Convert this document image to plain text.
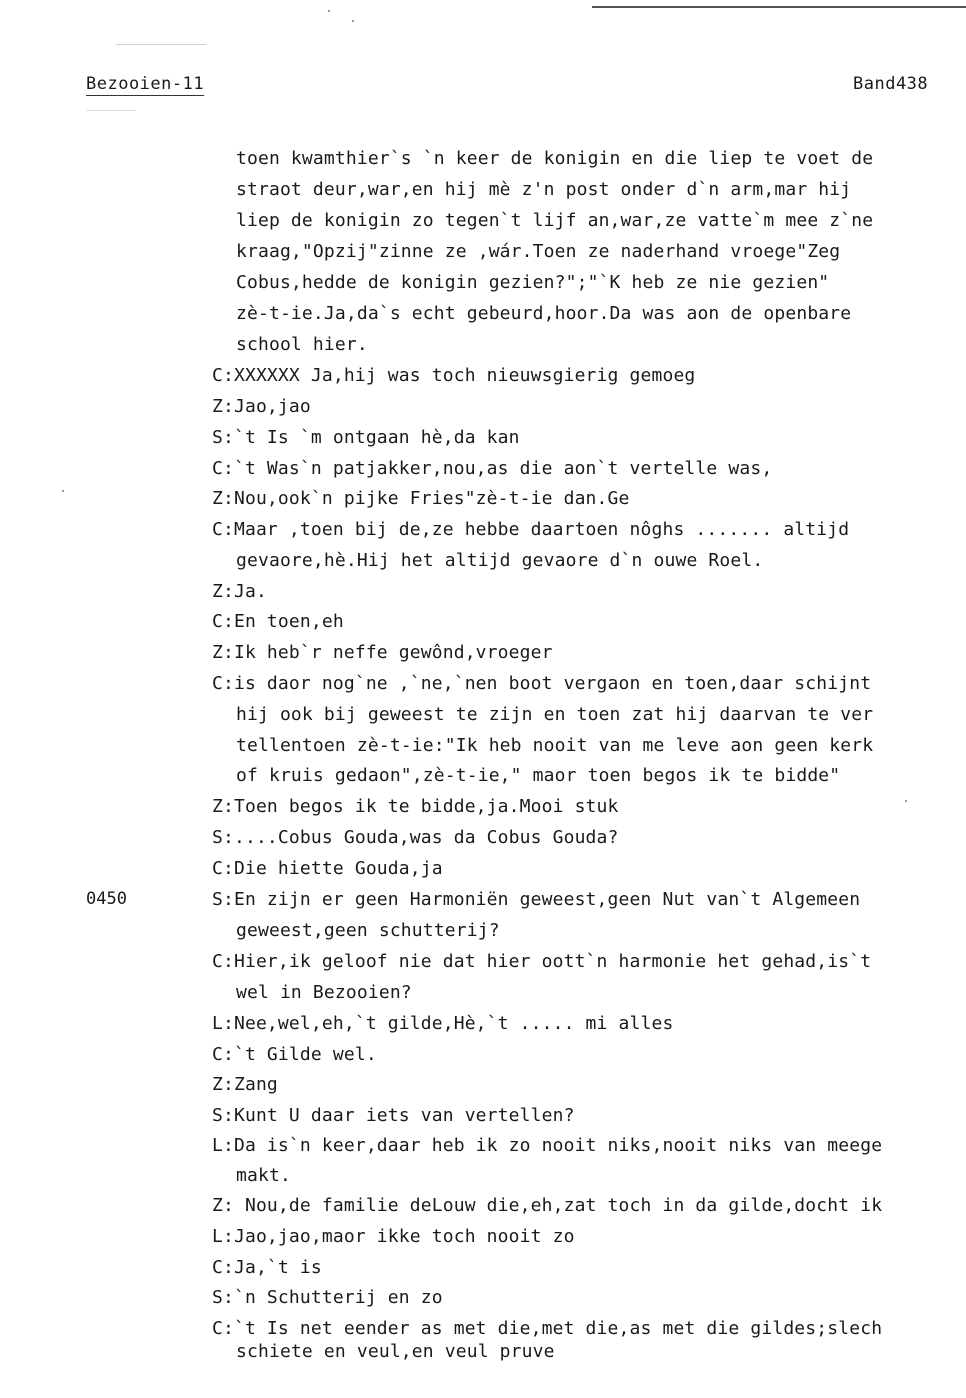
Bezooien-11	Band438
0450
toen kwamthier`s `n keer de konigin en die liep te voet de
straot deur,war,en hij mè z'n post onder d`n arm,mar hij
liep de konigin zo tegen`t lijf an,war,ze vatte`m mee z`ne
kraag,"Opzij"zinne ze ,wár.Toen ze naderhand vroege"Zeg
Cobus,hedde de konigin gezien?";"`K heb ze nie gezien"
zè-t-ie.Ja,da`s echt gebeurd,hoor.Da was aon de openbare
school hier.
C:XXXXXX Ja,hij was toch nieuwsgierig gemoeg
Z:Jao,jao
S:`t Is `m ontgaan hè,da kan
C:`t Was`n patjakker,nou,as die aon`t vertelle was,
Z:Nou,ook`n pijke Fries"zè-t-ie dan.Ge
C:Maar ,toen bij de,ze hebbe daartoen nôghs ....... altijd
gevaore,hè.Hij het altijd gevaore d`n ouwe Roel.
Z:Ja.
C:En toen,eh
Z:Ik heb`r neffe gewônd,vroeger
C:is daor nog`ne ,`ne,`nen boot vergaon en toen,daar schijnt
hij ook bij geweest te zijn en toen zat hij daarvan te ver
tellentoen zè-t-ie:"Ik heb nooit van me leve aon geen kerk
of kruis gedaon",zè-t-ie," maor toen begos ik te bidde"
Z:Toen begos ik te bidde,ja.Mooi stuk
S:....Cobus Gouda,was da Cobus Gouda?
C:Die hiette Gouda,ja
S:En zijn er geen Harmoniën geweest,geen Nut van`t Algemeen
geweest,geen schutterij?
C:Hier,ik geloof nie dat hier oott`n harmonie het gehad,is`t
wel in Bezooien?
L:Nee,wel,eh,`t gilde,Hè,`t ..... mi alles
C:`t Gilde wel.
Z:Zang
S:Kunt U daar iets van vertellen?
L:Da is`n keer,daar heb ik zo nooit niks,nooit niks van meege
makt.
Z: Nou,de familie deLouw die,eh,zat toch in da gilde,docht ik
L:Jao,jao,maor ikke toch nooit zo
C:Ja,`t is
S:`n Schutterij en zo
C:`t Is net eender as met die,met die,as met die gildes;slech
schiete en veul,en veul pruve
